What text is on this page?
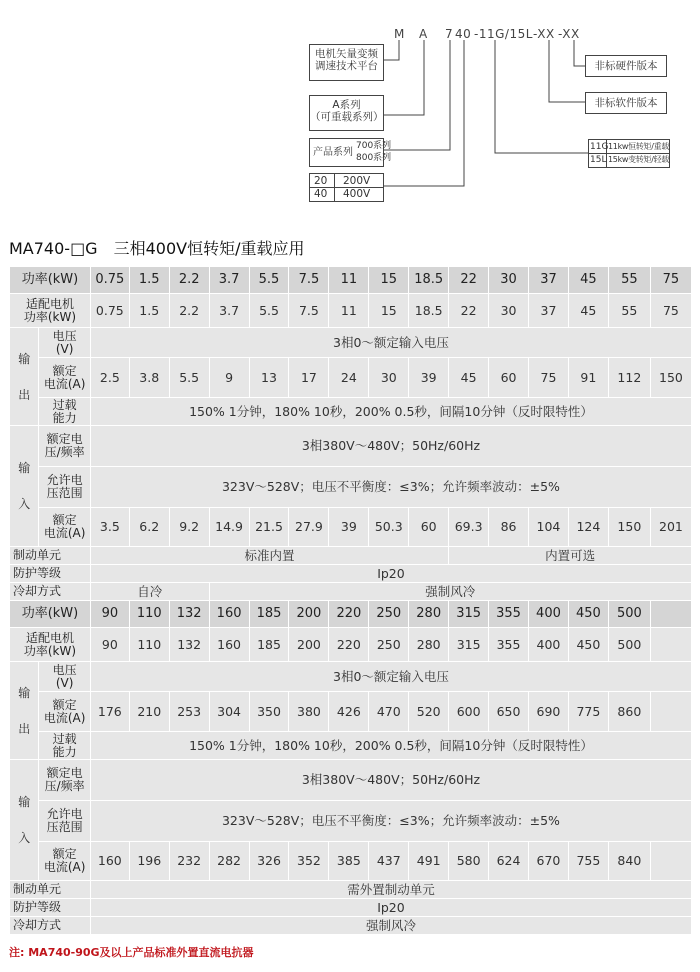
M A 7 40 -11G/15L -XX -XX
电机矢量变频
调速技术平台
A系列
（可重载系列）
产品系列
700系列
800系列
20 200V
40 400V
非标硬件版本
非标软件版本
11G 11kw恒转矩/重载
15L 15kw变转矩/轻载
MA740-□G　三相400V恒转矩/重载应用
功率(kW)		0.75	1.5	2.2	3.7	5.5	7.5	11	15	18.5	22	30	37	45	55	75
适配电机
功率(kW)		0.75	1.5	2.2	3.7	5.5	7.5	11	15	18.5	22	30	37	45	55	75
输

出	电压
(V)	3相0～额定输入电压														
	额定
电流(A)	2.5	3.8	5.5	9	13	17	24	30	39	45	60	75	91	112	150
	过载
能力	150% 1分钟，180% 10秒，200% 0.5秒，间隔10分钟（反时限特性）														
输

入	额定电
压/频率	3相380V～480V；50Hz/60Hz														
	允许电
压范围	323V～528V；电压不平衡度：≤3%；允许频率波动：±5%														
	额定
电流(A)	3.5	6.2	9.2	14.9	21.5	27.9	39	50.3	60	69.3	86	104	124	150	201
制动单元		标准内置									内置可选					
防护等级		Ip20														
冷却方式		自冷			强制风冷											
功率(kW)		90	110	132	160	185	200	220	250	280	315	355	400	450	500	
适配电机
功率(kW)		90	110	132	160	185	200	220	250	280	315	355	400	450	500	
输

出	电压
(V)	3相0～额定输入电压														
	额定
电流(A)	176	210	253	304	350	380	426	470	520	600	650	690	775	860	
	过载
能力	150% 1分钟，180% 10秒，200% 0.5秒，间隔10分钟（反时限特性）														
输

入	额定电
压/频率	3相380V～480V；50Hz/60Hz														
	允许电
压范围	323V～528V；电压不平衡度：≤3%；允许频率波动：±5%														
	额定
电流(A)	160	196	232	282	326	352	385	437	491	580	624	670	755	840	
制动单元		需外置制动单元														
防护等级		Ip20														
冷却方式		强制风冷														
注: MA740-90G及以上产品标准外置直流电抗器
